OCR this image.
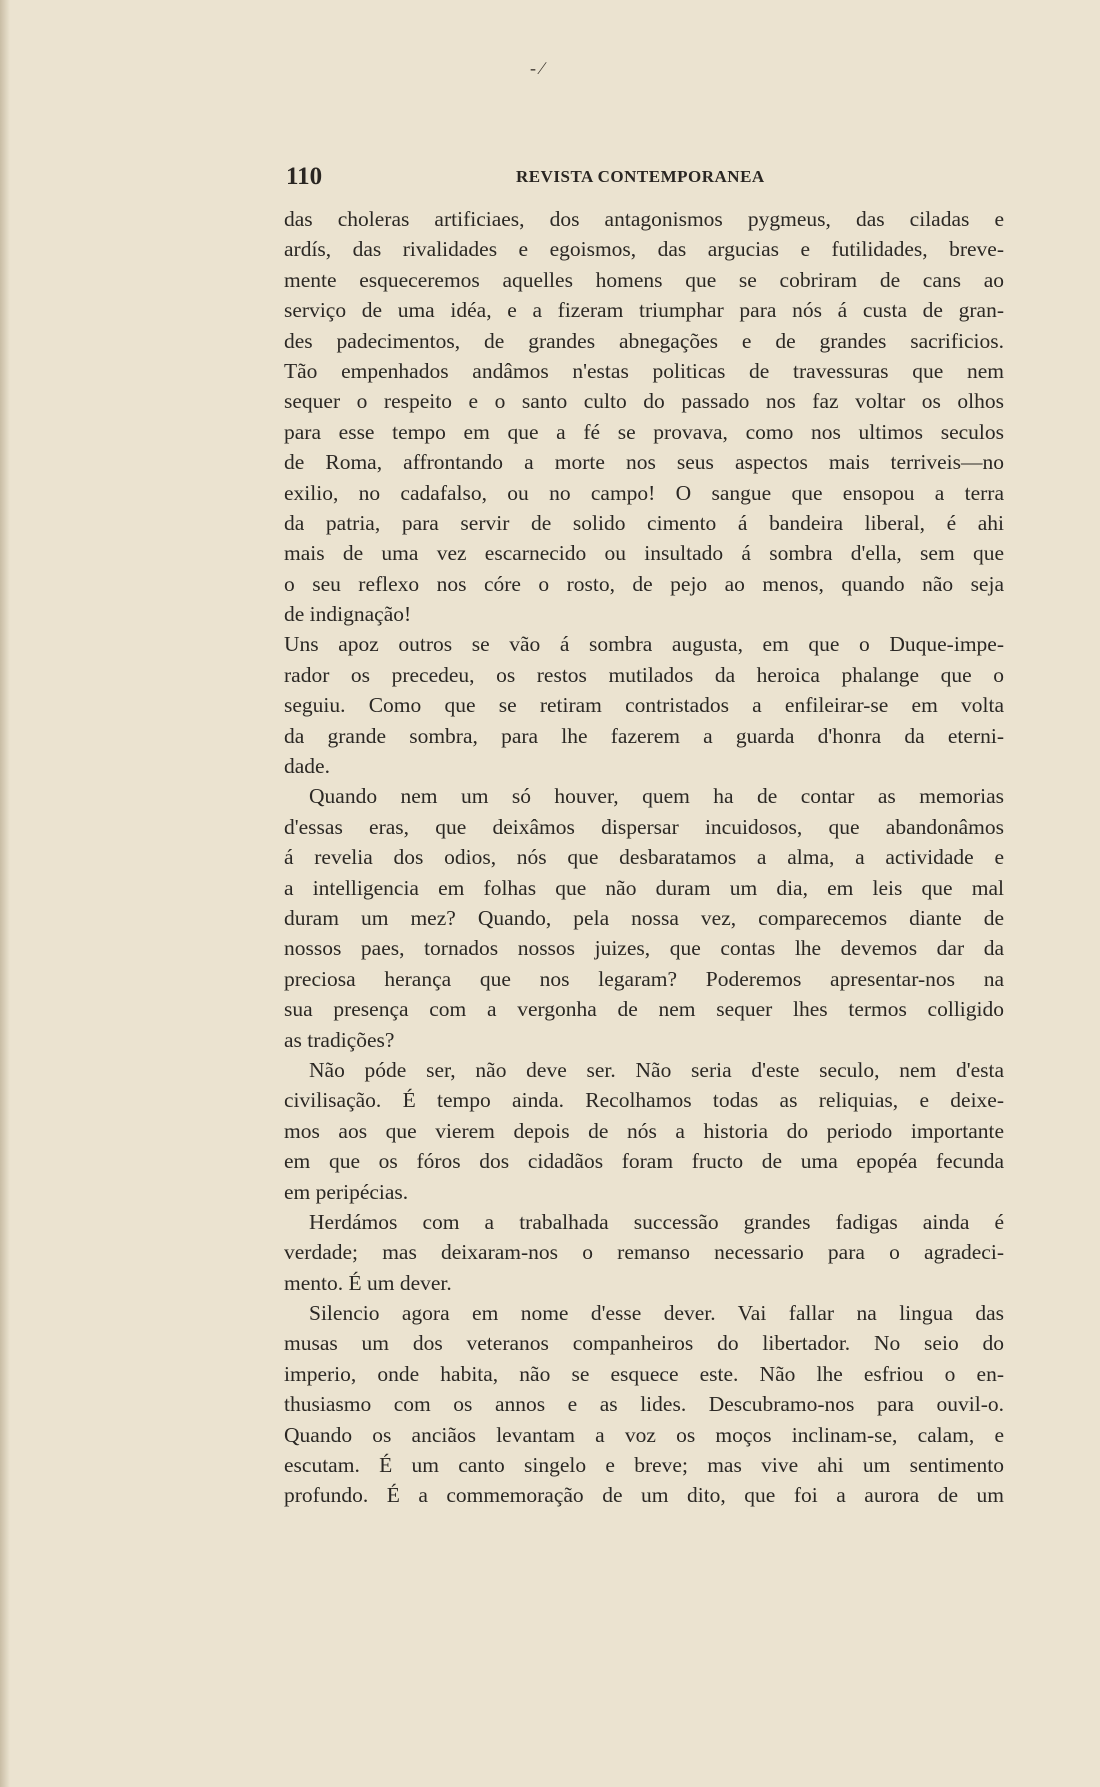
- ∕
110	REVISTA CONTEMPORANEA
das choleras artificiaes, dos antagonismos pygmeus, das ciladas e
ardís, das rivalidades e egoismos, das argucias e futilidades, breve-
mente esqueceremos aquelles homens que se cobriram de cans ao
serviço de uma idéa, e a fizeram triumphar para nós á custa de gran-
des padecimentos, de grandes abnegações e de grandes sacrificios.
Tão empenhados andâmos n'estas politicas de travessuras que nem
sequer o respeito e o santo culto do passado nos faz voltar os olhos
para esse tempo em que a fé se provava, como nos ultimos seculos
de Roma, affrontando a morte nos seus aspectos mais terriveis—no
exilio, no cadafalso, ou no campo! O sangue que ensopou a terra
da patria, para servir de solido cimento á bandeira liberal, é ahi
mais de uma vez escarnecido ou insultado á sombra d'ella, sem que
o seu reflexo nos córe o rosto, de pejo ao menos, quando não seja
de indignação!
Uns apoz outros se vão á sombra augusta, em que o Duque-impe-
rador os precedeu, os restos mutilados da heroica phalange que o
seguiu. Como que se retiram contristados a enfileirar-se em volta
da grande sombra, para lhe fazerem a guarda d'honra da eterni-
dade.
Quando nem um só houver, quem ha de contar as memorias
d'essas eras, que deixâmos dispersar incuidosos, que abandonâmos
á revelia dos odios, nós que desbaratamos a alma, a actividade e
a intelligencia em folhas que não duram um dia, em leis que mal
duram um mez? Quando, pela nossa vez, comparecemos diante de
nossos paes, tornados nossos juizes, que contas lhe devemos dar da
preciosa herança que nos legaram? Poderemos apresentar-nos na
sua presença com a vergonha de nem sequer lhes termos colligido
as tradições?
Não póde ser, não deve ser. Não seria d'este seculo, nem d'esta
civilisação. É tempo ainda. Recolhamos todas as reliquias, e deixe-
mos aos que vierem depois de nós a historia do periodo importante
em que os fóros dos cidadãos foram fructo de uma epopéa fecunda
em peripécias.
Herdámos com a trabalhada successão grandes fadigas ainda é
verdade; mas deixaram-nos o remanso necessario para o agradeci-
mento. É um dever.
Silencio agora em nome d'esse dever. Vai fallar na lingua das
musas um dos veteranos companheiros do libertador. No seio do
imperio, onde habita, não se esquece este. Não lhe esfriou o en-
thusiasmo com os annos e as lides. Descubramo-nos para ouvil-o.
Quando os anciãos levantam a voz os moços inclinam-se, calam, e
escutam. É um canto singelo e breve; mas vive ahi um sentimento
profundo. É a commemoração de um dito, que foi a aurora de um
